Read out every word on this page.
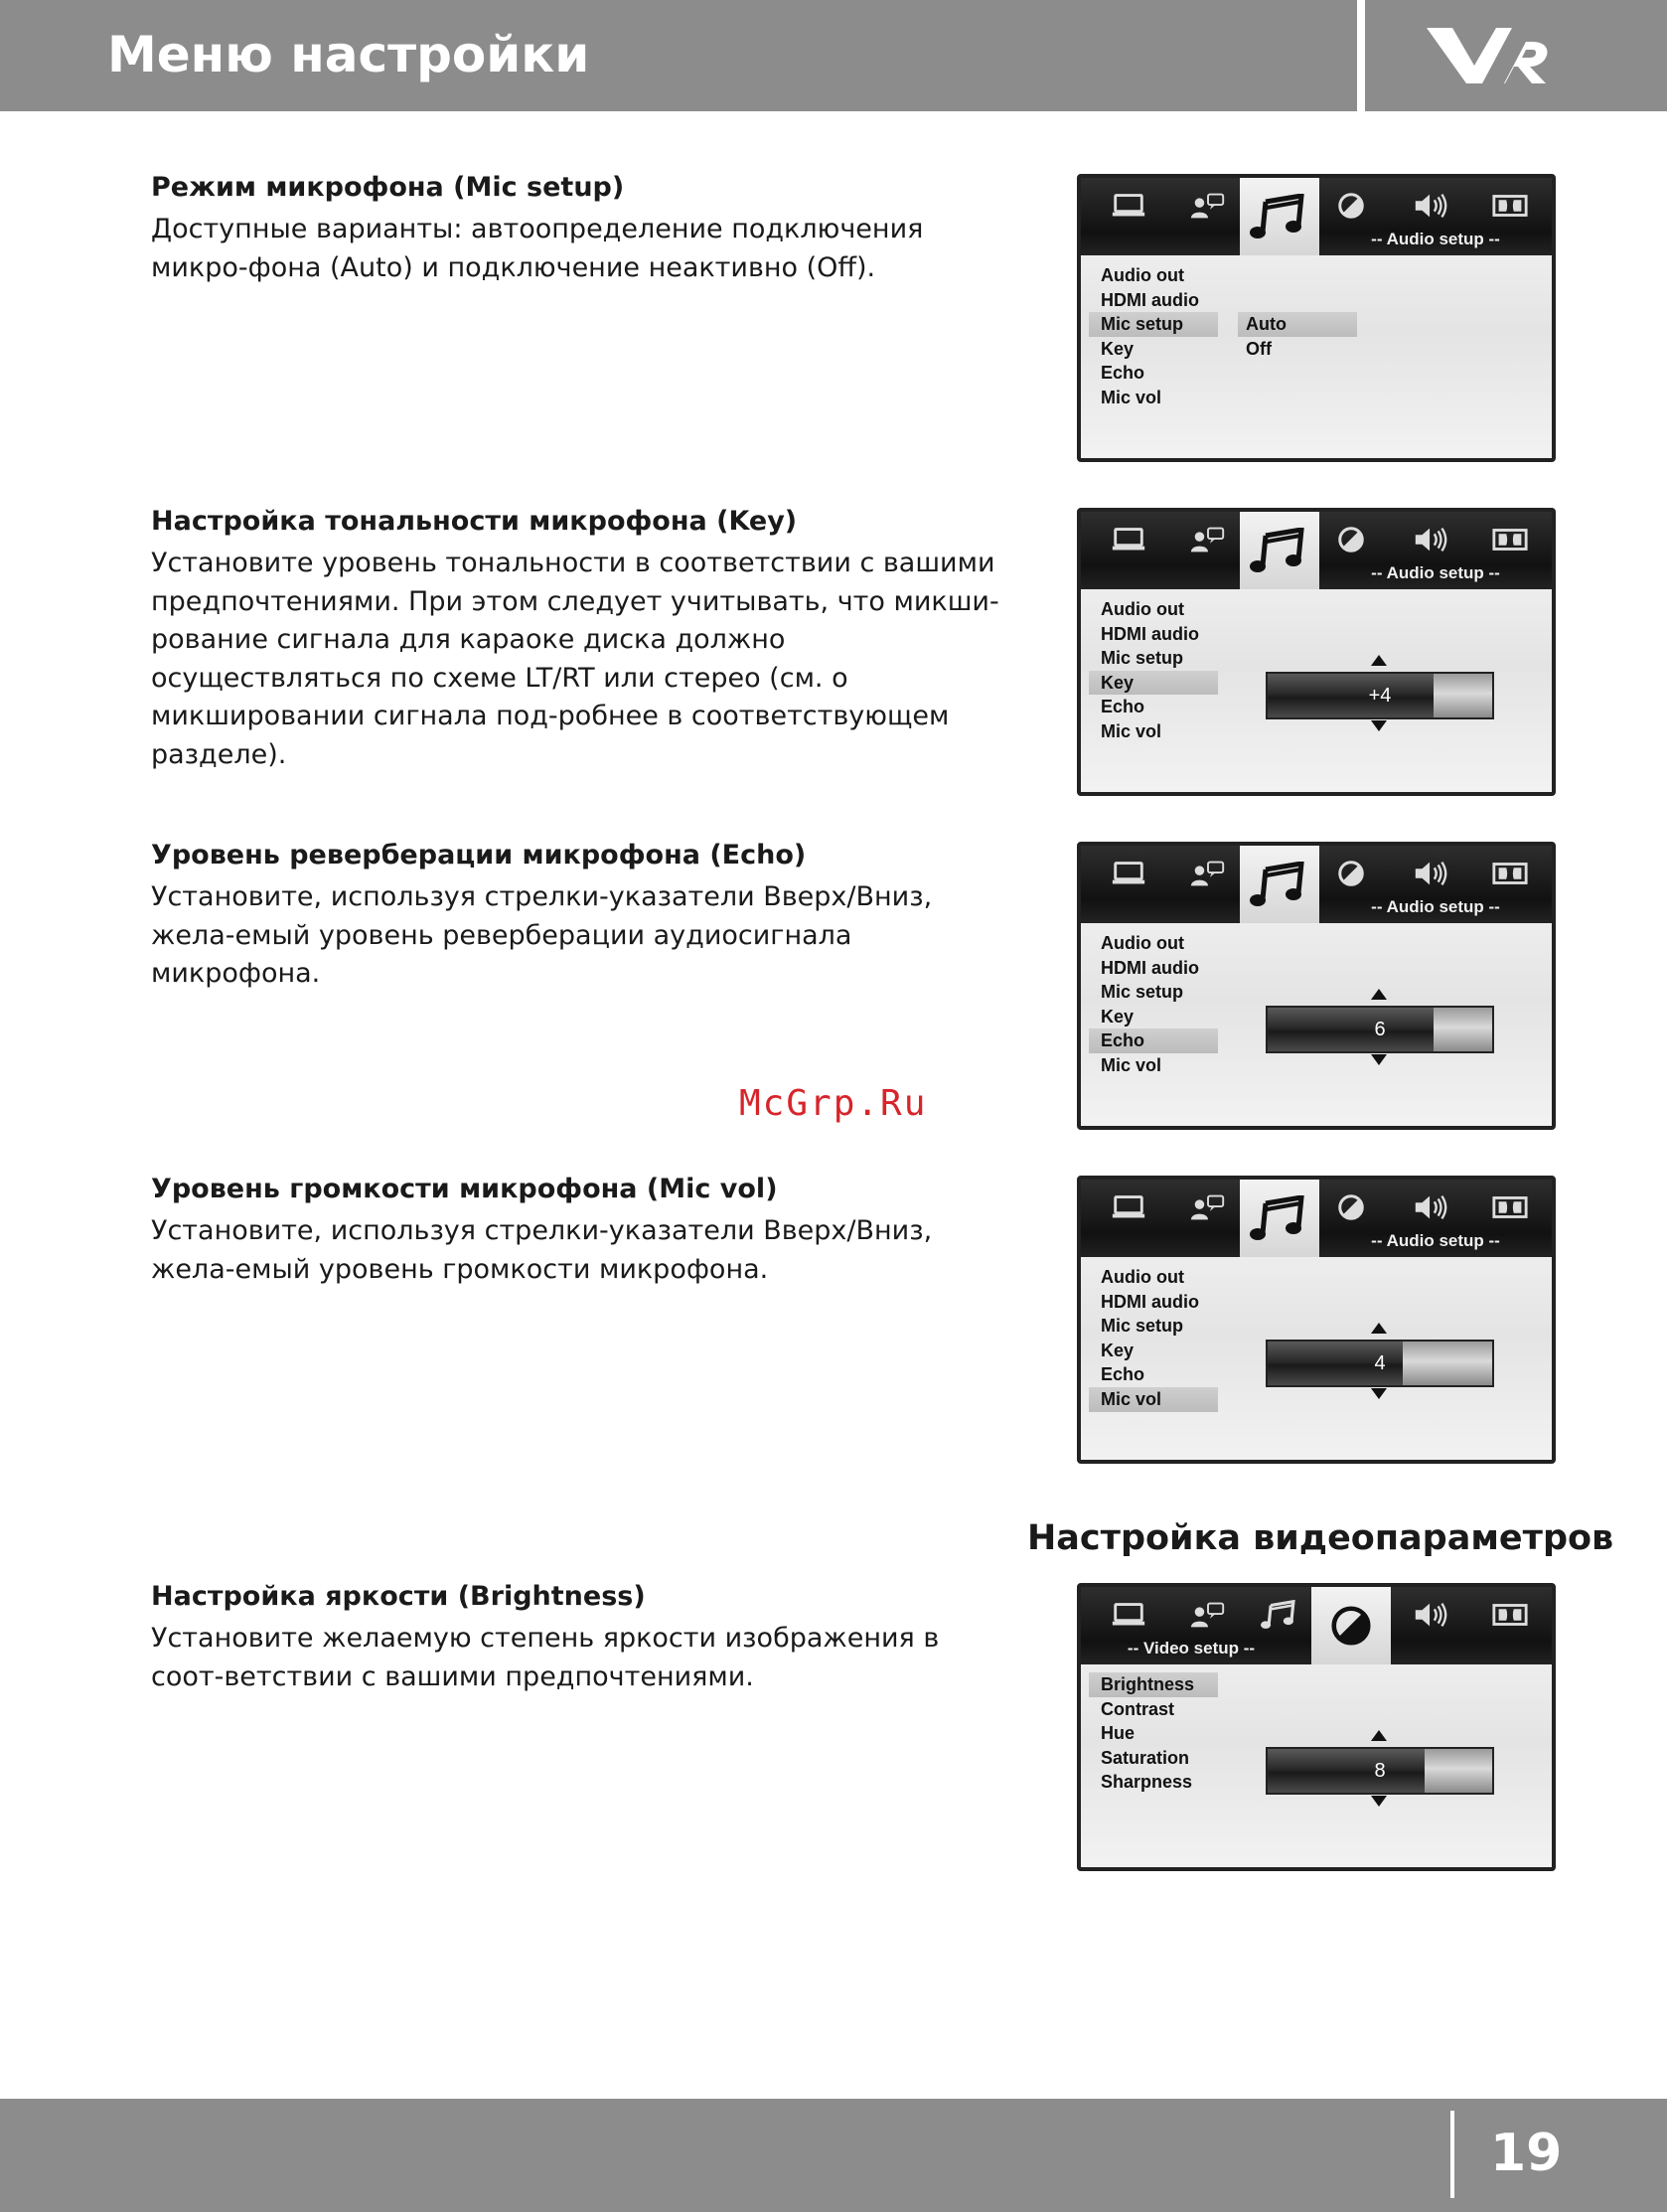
Меню настройки
McGrp.Ru
Режим микрофона (Mic setup)

Доступные варианты: автоопределение подключения микро-фона (Auto) и подключение неактивно (Off).

Настройка тональности микрофона (Key)

Установите уровень тональности в соответствии с вашими предпочтениями. При этом следует учитывать, что микши-рование сигнала для караоке диска должно осуществляться по схеме LT/RT или стерео (см. о микшировании сигнала под-робнее в соответствующем разделе).

Уровень реверберации микрофона (Echo)

Установите, используя стрелки-указатели Вверх/Вниз, жела-емый уровень реверберации аудиосигнала микрофона.

Уровень громкости микрофона (Mic vol)

Установите, используя стрелки-указатели Вверх/Вниз, жела-емый уровень громкости микрофона.

Настройка видеопараметров
Настройка яркости (Brightness)

Установите желаемую степень яркости изображения в соот-ветствии с вашими предпочтениями.

-- Audio setup --
Audio out
HDMI audio
Mic setup
Key
Echo
Mic vol
Auto
Off
-- Audio setup --
Audio out
HDMI audio
Mic setup
Key
Echo
Mic vol
+4
-- Audio setup --
Audio out
HDMI audio
Mic setup
Key
Echo
Mic vol
6
-- Audio setup --
Audio out
HDMI audio
Mic setup
Key
Echo
Mic vol
4
-- Video setup --
Brightness
Contrast
Hue
Saturation
Sharpness
8
19
